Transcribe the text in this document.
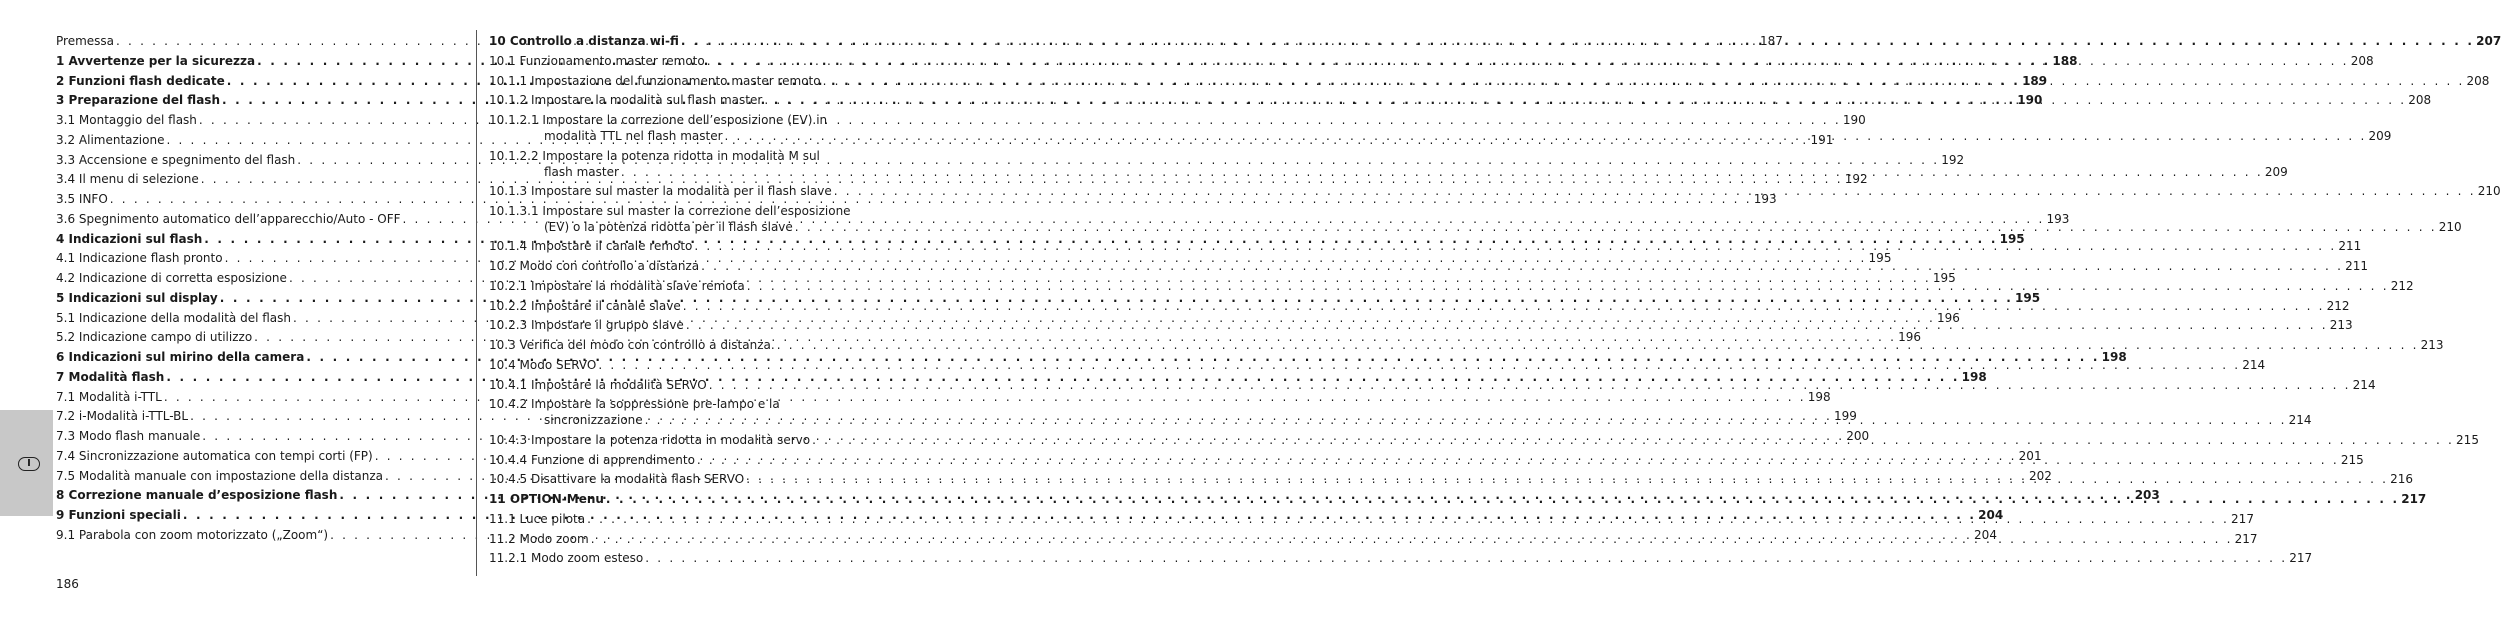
Premessa . . .	187
1 Avvertenze per la sicurezza . . .	188
2 Funzioni flash dedicate . . .	189
3 Preparazione del flash . . .	190
3.1 Montaggio del flash . . .	190
3.2 Alimentazione . . .	191
3.3 Accensione e spegnimento del flash . . .	192
3.4 Il menu di selezione . . .	192
3.5 INFO . . .	193
3.6 Spegnimento automatico dell’apparecchio/Auto - OFF . . .	193
4 Indicazioni sul flash . . .	195
4.1 Indicazione flash pronto . . .	195
4.2 Indicazione di corretta esposizione . . .	195
5 Indicazioni sul display . . .	195
5.1 Indicazione della modalità del flash . . .	196
5.2 Indicazione campo di utilizzo . . .	196
6 Indicazioni sul mirino della camera . . .	198
7 Modalità flash . . .	198
7.1 Modalità i-TTL . . .	198
7.2 i-Modalità i-TTL-BL . . .	199
7.3 Modo flash manuale . . .	200
7.4 Sincronizzazione automatica con tempi corti (FP) . . .	201
7.5 Modalità manuale con impostazione della distanza . . .	202
8 Correzione manuale d’esposizione flash . . .	203
9 Funzioni speciali . . .	204
9.1 Parabola con zoom motorizzato („Zoom“) . . .	204
10 Controllo a distanza wi-fi . . .	207
10.1 Funzionamento master remoto . . .	208
10.1.1 Impostazione del funzionamento master remoto . . .	208
10.1.2 Impostare la modalità sul flash master . . .	208
10.1.2.1 Impostare la correzione dell’esposizione (EV) in
modalità TTL nel flash master . . .	209
10.1.2.2 Impostare la potenza ridotta in modalità M sul
flash master . . .	209
10.1.3 Impostare sul master la modalità per il flash slave . . .	210
10.1.3.1 Impostare sul master la correzione dell’esposizione
(EV) o la potenza ridotta per il flash slave . . .	210
10.1.4 Impostare il canale remoto . . .	211
10.2 Modo con controllo a distanza . . .	211
10.2.1 Impostare la modalità slave remota . . .	212
10.2.2 Impostare il canale slave . . .	212
10.2.3 Impostare il gruppo slave . . .	213
10.3 Verifica del modo con controllo a distanza. . . .	213
10.4 Modo SERVO . . .	214
10.4.1 Impostare la modalità SERVO . . .	214
10.4.2 Impostare la soppressione pre-lampo e la
sincronizzazione . . .	214
10.4.3 Impostare la potenza ridotta in modalità servo . . .	215
10.4.4 Funzione di apprendimento . . .	215
10.4.5 Disattivare la modalità flash SERVO . . .	216
11 OPTION-Menu . . .	217
11.1 Luce pilota . . .	217
11.2 Modo zoom . . .	217
11.2.1 Modo zoom esteso . . .	217
I
186
